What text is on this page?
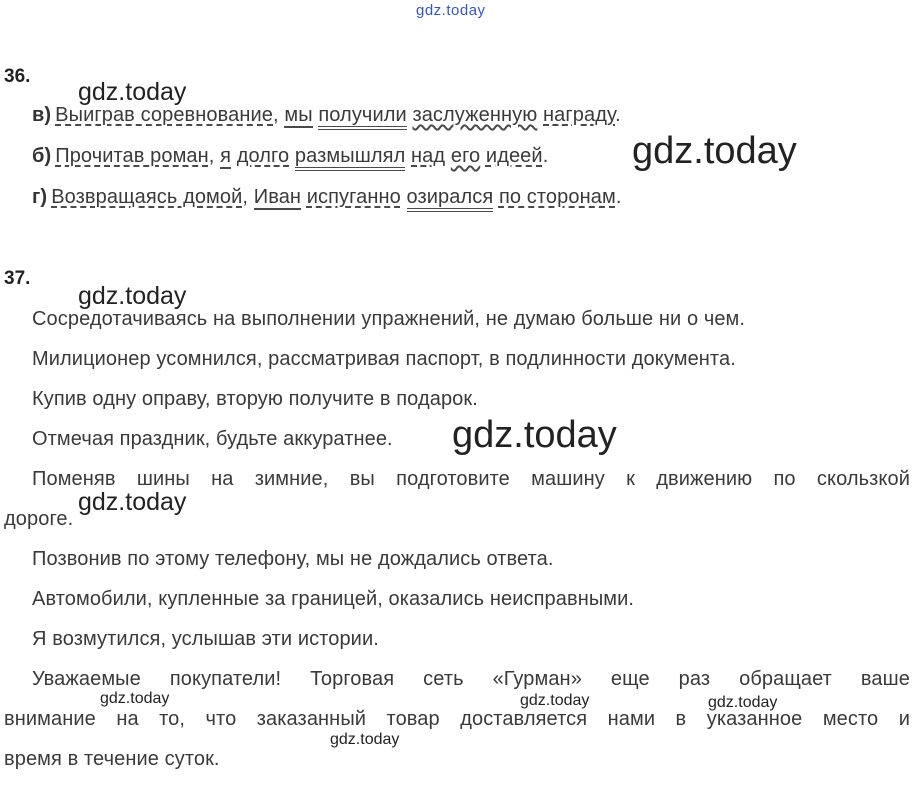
gdz.today
36.
gdz.today
в) Выиграв соревнование, мы получили заслуженную награду.
б) Прочитав роман, я долго размышлял над его идеей. gdz.today
г) Возвращаясь домой, Иван испуганно озирался по сторонам.
37.
gdz.today
Сосредотачиваясь на выполнении упражнений, не думаю больше ни о чем.
Милиционер усомнился, рассматривая паспорт, в подлинности документа.
Купив одну оправу, вторую получите в подарок.
Отмечая праздник, будьте аккуратнее. gdz.today
Поменяв шины на зимние, вы подготовите машину к движению по скользкой
дороге.
gdz.today
Позвонив по этому телефону, мы не дождались ответа.
Автомобили, купленные за границей, оказались неисправными.
Я возмутился, услышав эти истории.
Уважаемые покупатели! Торговая сеть «Гурман» еще раз обращает ваше
gdz.today	gdz.today	gdz.today
внимание на то, что заказанный товар доставляется нами в указанное место и
gdz.today
время в течение суток.
